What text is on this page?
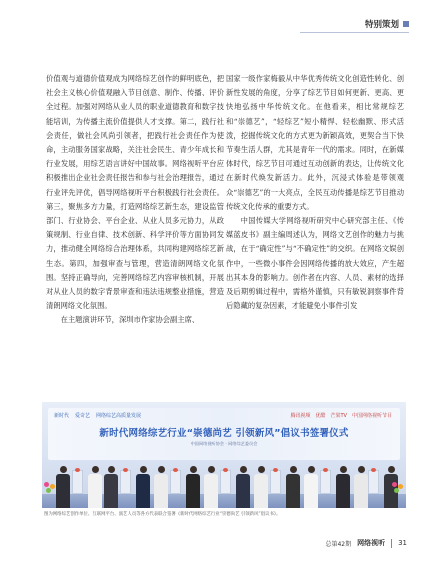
特别策划

价值观与道德价值观成为网络综艺创作的鲜明底色，把社会主义核心价值观融入节目创意、制作、传播、评价全过程。加强对网络从业人员的职业道德教育和数字技能培训，为传播主流价值提供人才支撑。第二，践行社会责任，做社会风尚引领者，把践行社会责任作为使命，主动服务国家战略，关注社会民生、青少年成长和行业发展，用综艺语言讲好中国故事。网络视听平台应积极推出企业社会责任报告和参与社会治理报告，通过行业评先评优，倡导网络视听平台积极践行社会责任。第三，聚焦多方力量，打造网络综艺新生态，建设监管部门、行业协会、平台企业、从业人员多元协力，从政策规制、行业自律、技术创新、科学评价等方面协同发力，推动健全网络综合治理体系，共同构建网络综艺新生态。第四，加强审查与管理，营造清朗网络文化氛围。坚持正确导向，完善网络综艺内容审核机制，开展对从业人员的数字背景审查和违法违规整业措施，营造清朗网络文化氛围。

在主题演讲环节，深圳市作家协会副主席、

国家一级作家梅毅从中华优秀传统文化创造性转化、创新性发展的角度，分享了综艺节目如何更新、更高、更快地弘扬中华传统文化。在他看来，相比常规综艺和“崇德艺”，“轻综艺”短小精悍、轻松幽默、形式活泼，挖掘传统文化的方式更为新颖高效，更契合当下快节奏生活人群，尤其是青年一代的需求。同时，在新媒体时代，综艺节目可通过互动创新的表达，让传统文化在新时代焕发新活力。此外，沉浸式体验是带领观众“崇德艺”的一大亮点，全民互动传播是综艺节目推动传统文化传承的重要方式。

中国传媒大学网络视听研究中心研究部主任、《传媒蓝皮书》副主编周述认为，网络文艺创作的魅力与挑战，在于“确定性”与“不确定性”的交织。在网络文娱创作中，一些微小事件会因网络传播的放大效应，产生超出其本身的影响力。创作者在内容、人员、素材的选择及后期剪辑过程中，需格外谨慎，只有敏锐洞察事件背后隐藏的复杂因素，才能避免小事件引发

新时代 爱奇艺 网络综艺高质量发展	腾讯视频 优酷 芒果TV 中国网络视听节目
新时代网络综艺行业“崇德尚艺 引领新风”倡议书签署仪式
中国网络视听协会 · 网络综艺委员会
图为网络综艺创作单位、互联网平台、演艺人员等各方代表联合签署《新时代网络综艺行业“崇德尚艺 引领新风”倡议书》。
总第42期 网络视听 31
